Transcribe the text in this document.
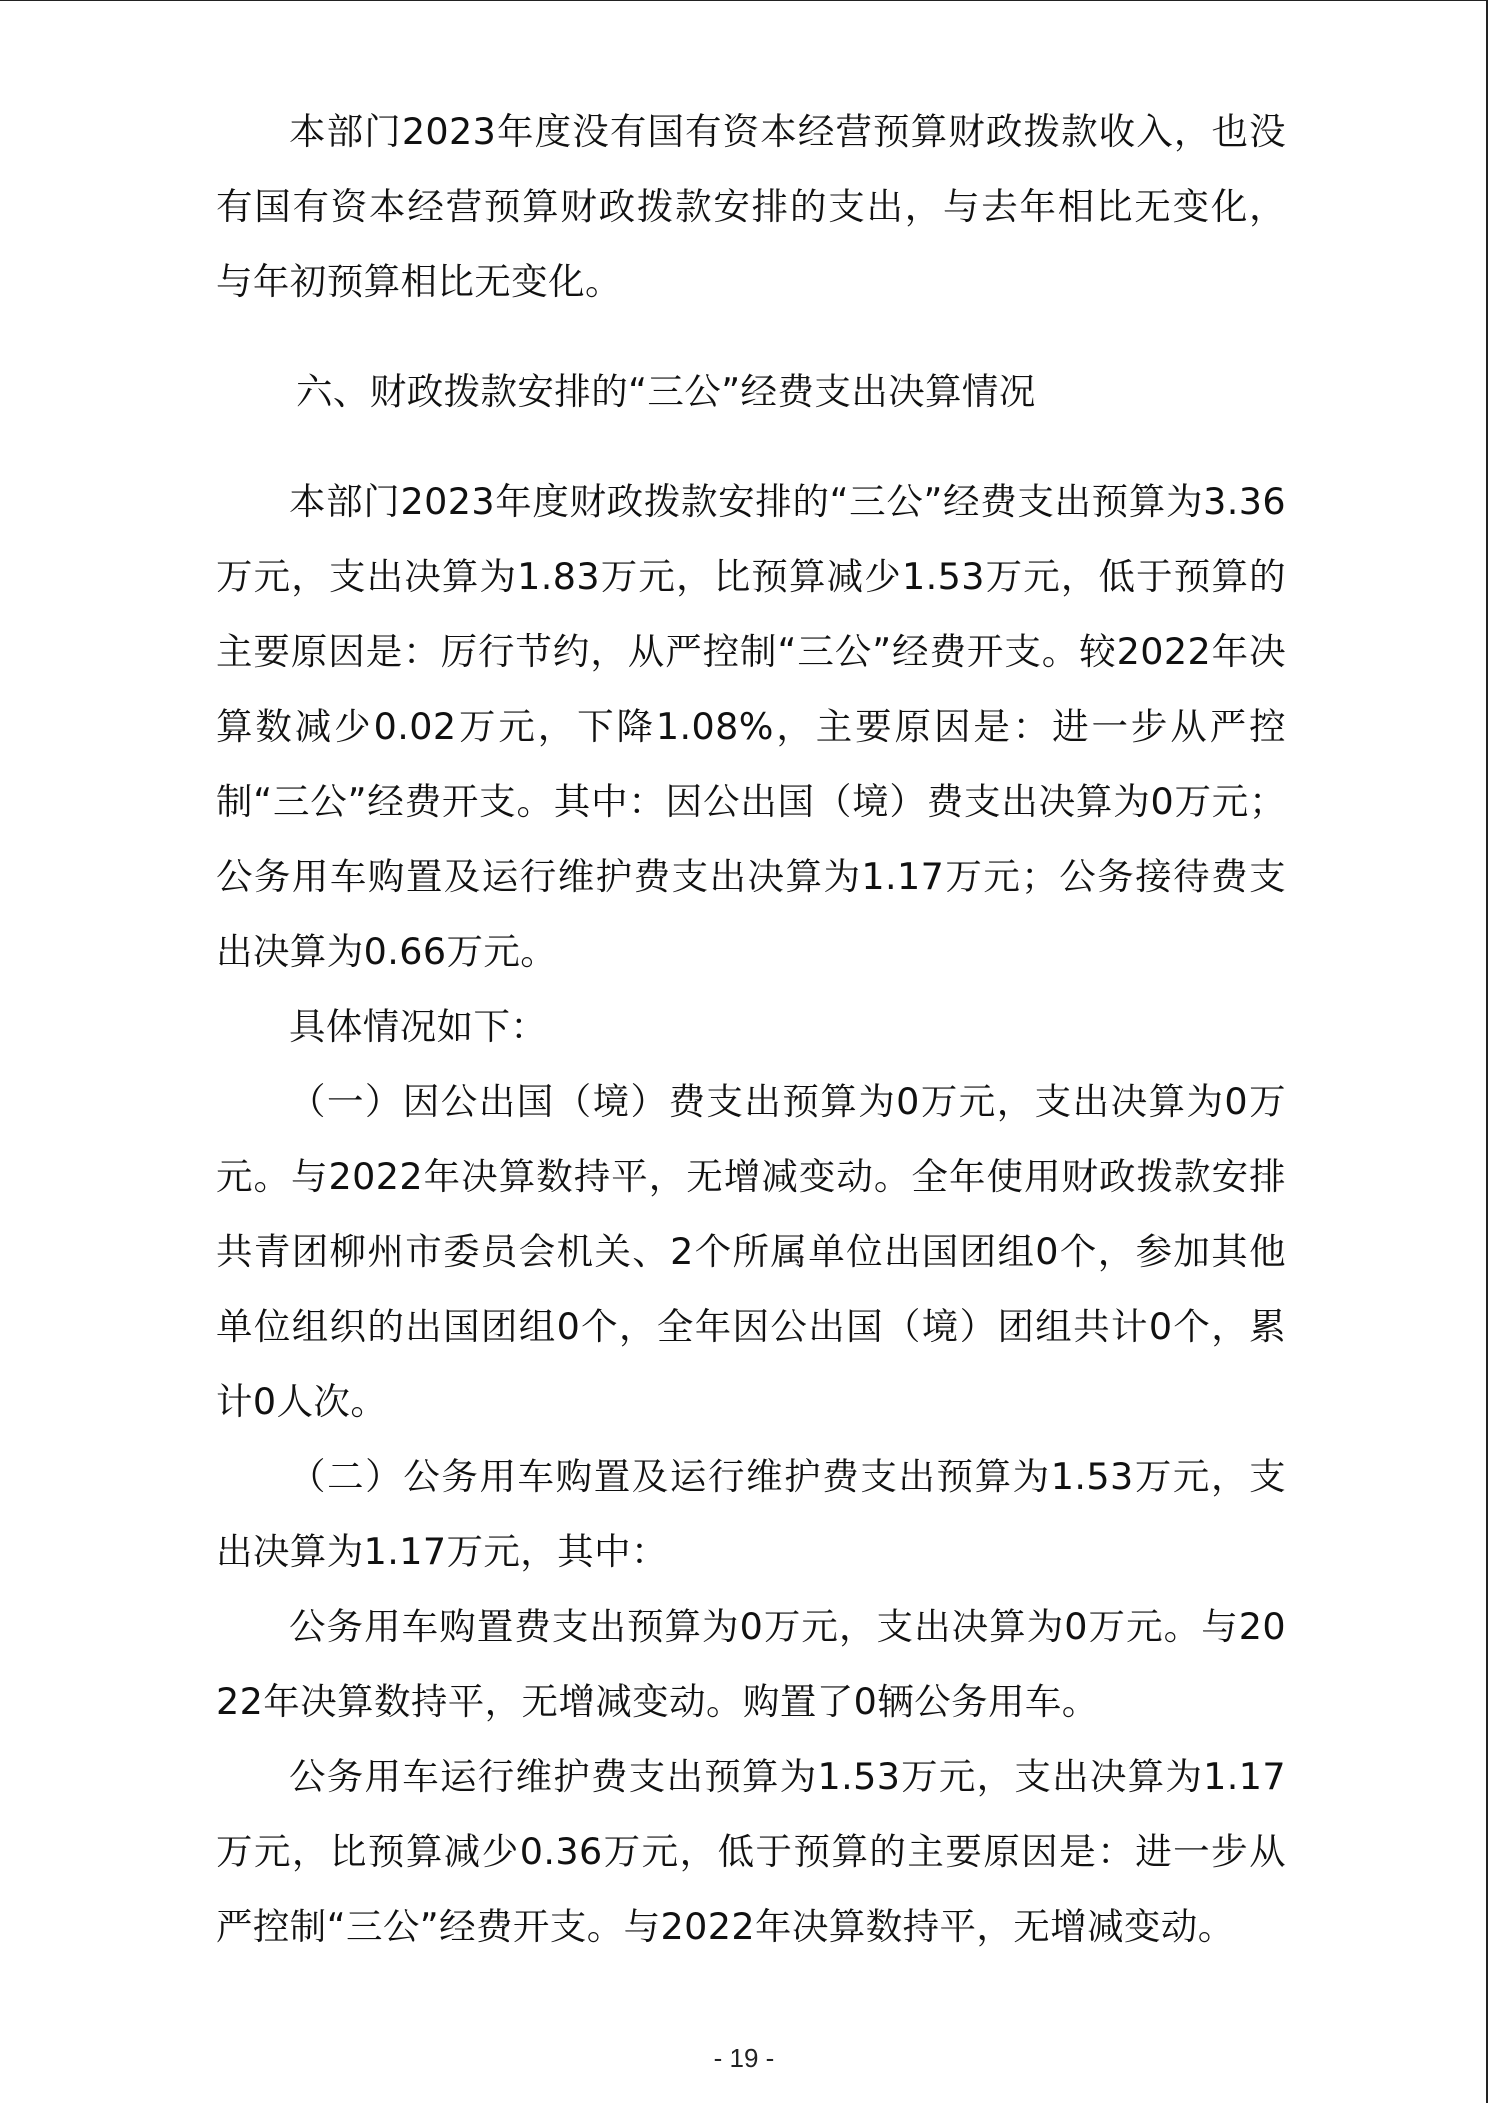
本部门2023年度没有国有资本经营预算财政拨款收入，也没有国有资本经营预算财政拨款安排的支出，与去年相比无变化，与年初预算相比无变化。

六、财政拨款安排的“三公”经费支出决算情况

本部门2023年度财政拨款安排的“三公”经费支出预算为3.36万元，支出决算为1.83万元，比预算减少1.53万元，低于预算的主要原因是：厉行节约，从严控制“三公”经费开支。较2022年决算数减少0.02万元，下降1.08%，主要原因是：进一步从严控制“三公”经费开支。其中：因公出国（境）费支出决算为0万元；公务用车购置及运行维护费支出决算为1.17万元；公务接待费支出决算为0.66万元。

具体情况如下：

（一）因公出国（境）费支出预算为0万元，支出决算为0万元。与2022年决算数持平，无增减变动。全年使用财政拨款安排共青团柳州市委员会机关、2个所属单位出国团组0个，参加其他单位组织的出国团组0个，全年因公出国（境）团组共计0个，累计0人次。

（二）公务用车购置及运行维护费支出预算为1.53万元，支出决算为1.17万元，其中：

公务用车购置费支出预算为0万元，支出决算为0万元。与2022年决算数持平，无增减变动。购置了0辆公务用车。

公务用车运行维护费支出预算为1.53万元，支出决算为1.17万元，比预算减少0.36万元，低于预算的主要原因是：进一步从严控制“三公”经费开支。与2022年决算数持平，无增减变动。

- 19 -
